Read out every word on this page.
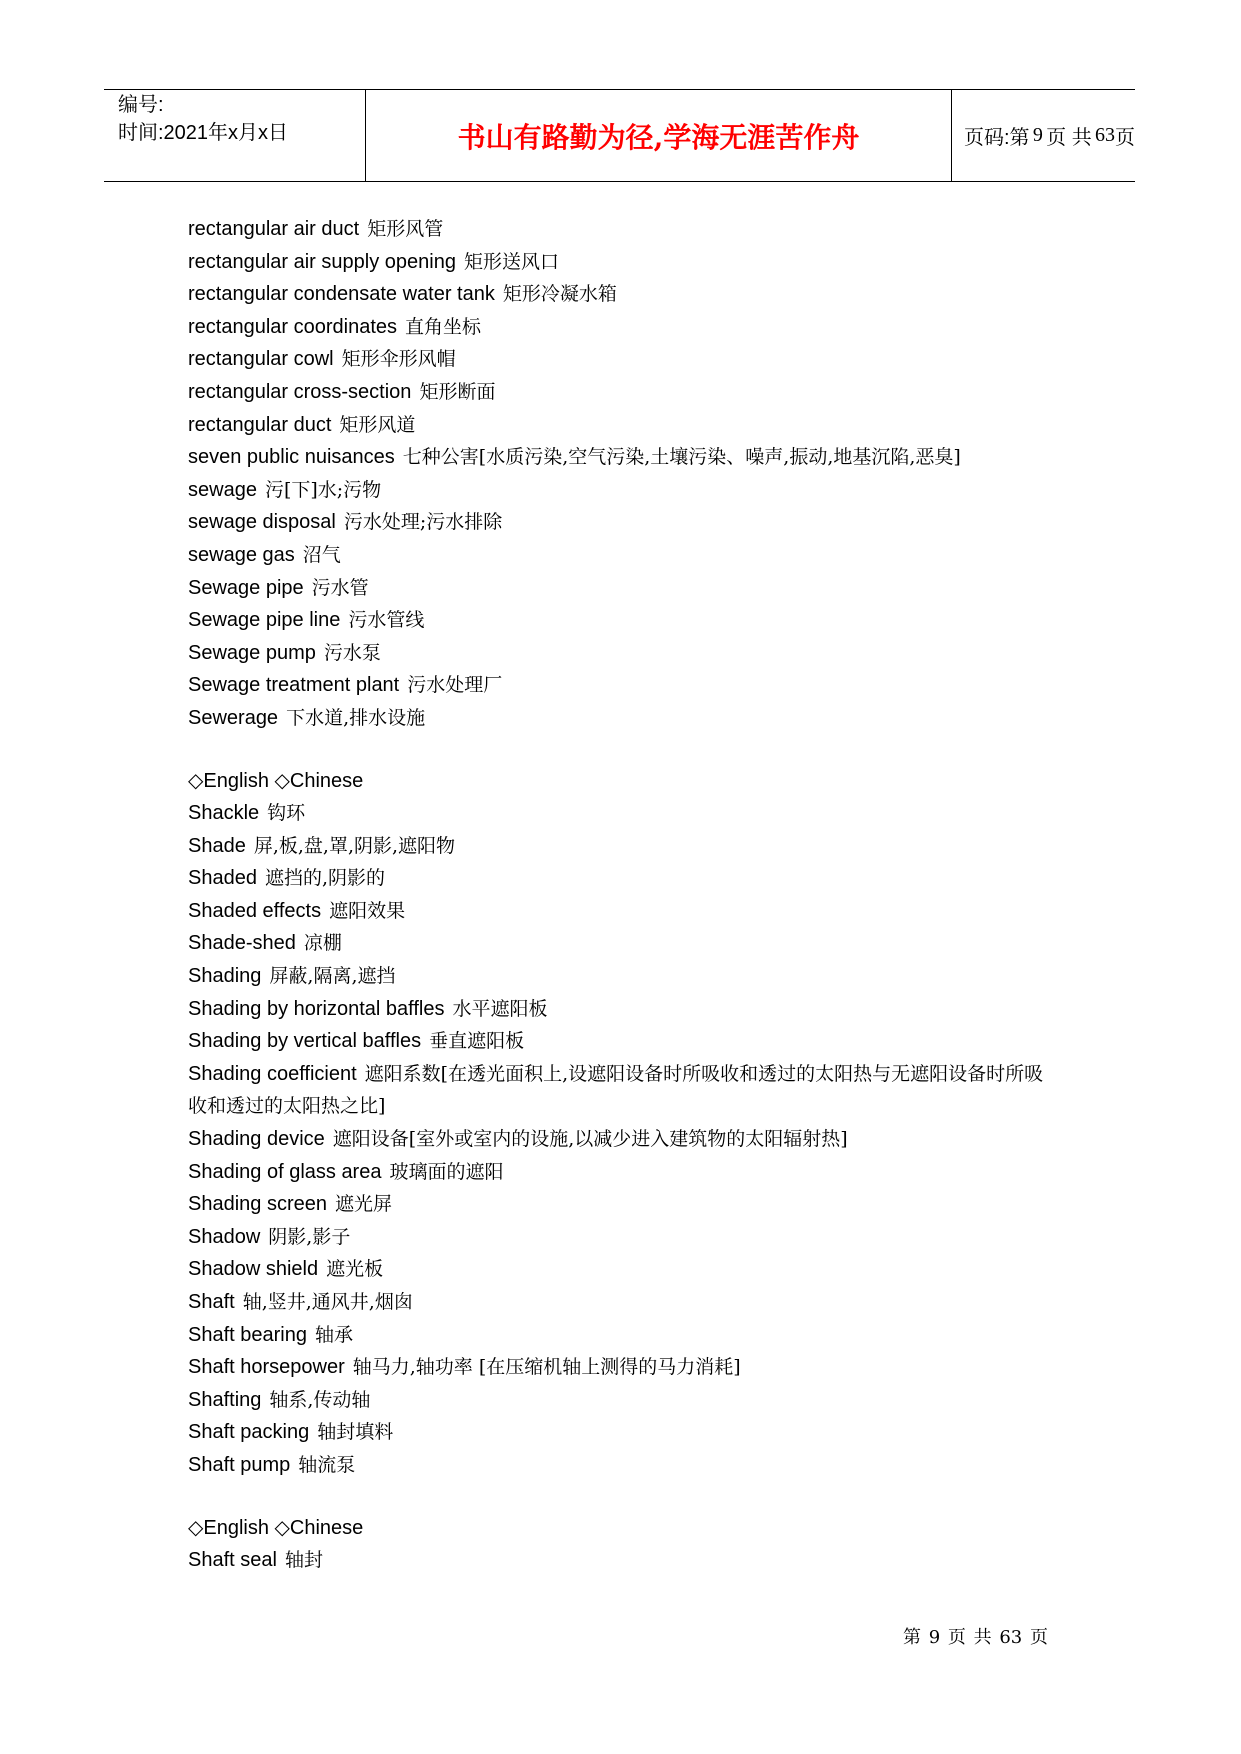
编号:
时间:2021年x月x日	书山有路勤为径,学海无涯苦作舟	页码:第 9 页 共 63 页
rectangular air duct 矩形风管
rectangular air supply opening 矩形送风口
rectangular condensate water tank 矩形冷凝水箱
rectangular coordinates 直角坐标
rectangular cowl 矩形伞形风帽
rectangular cross-section 矩形断面
rectangular duct 矩形风道
seven public nuisances 七种公害[水质污染,空气污染,土壤污染、噪声,振动,地基沉陷,恶臭]
sewage 污[下]水;污物
sewage disposal 污水处理;污水排除
sewage gas 沼气
Sewage pipe 污水管
Sewage pipe line 污水管线
Sewage pump 污水泵
Sewage treatment plant 污水处理厂
Sewerage 下水道,排水设施
◇English ◇Chinese
Shackle 钩环
Shade 屏,板,盘,罩,阴影,遮阳物
Shaded 遮挡的,阴影的
Shaded effects 遮阳效果
Shade-shed 凉棚
Shading 屏蔽,隔离,遮挡
Shading by horizontal baffles 水平遮阳板
Shading by vertical baffles 垂直遮阳板
Shading coefficient 遮阳系数[在透光面积上,设遮阳设备时所吸收和透过的太阳热与无遮阳设备时所吸收和透过的太阳热之比]
Shading device 遮阳设备[室外或室内的设施,以减少进入建筑物的太阳辐射热]
Shading of glass area 玻璃面的遮阳
Shading screen 遮光屏
Shadow 阴影,影子
Shadow shield 遮光板
Shaft 轴,竖井,通风井,烟囱
Shaft bearing 轴承
Shaft horsepower 轴马力,轴功率 [在压缩机轴上测得的马力消耗]
Shafting 轴系,传动轴
Shaft packing 轴封填料
Shaft pump 轴流泵
◇English ◇Chinese
Shaft seal 轴封
第 9 页 共 63 页
